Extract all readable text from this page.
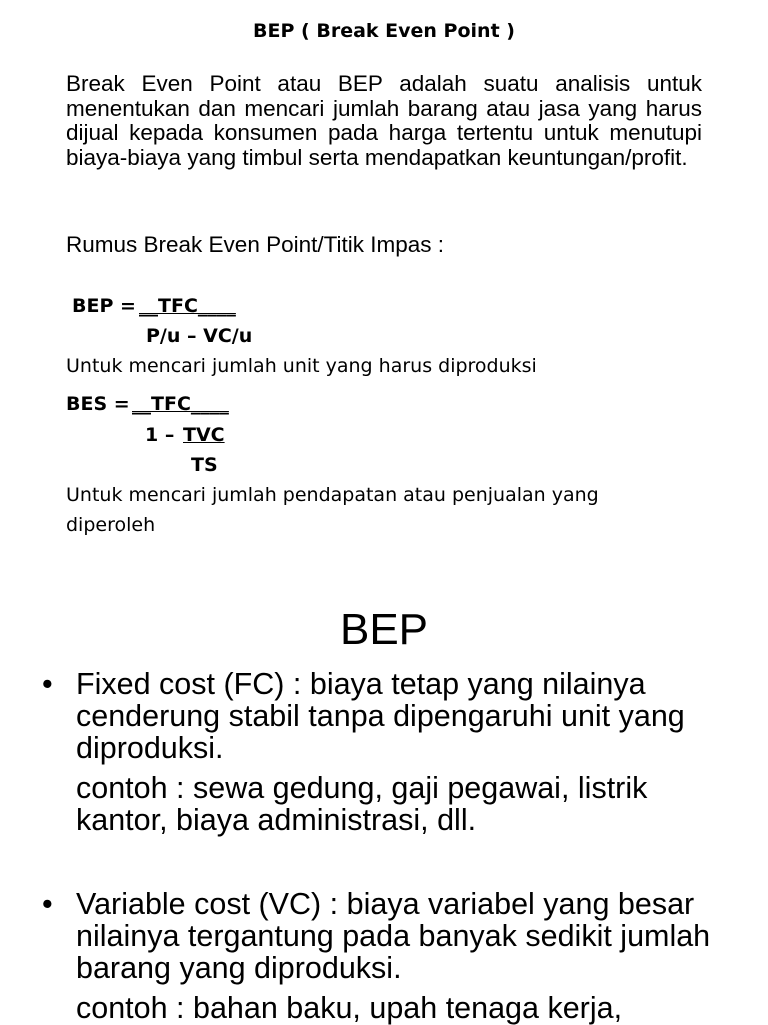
BEP ( Break Even Point )

Break Even Point atau BEP adalah suatu analisis untuk menentukan dan mencari jumlah barang atau jasa yang harus dijual kepada konsumen pada harga tertentu untuk menutupi biaya-biaya yang timbul serta mendapatkan keuntungan/profit.

Rumus Break Even Point/Titik Impas :
BEP =
__TFC____
P/u – VC/u
Untuk mencari jumlah unit yang harus diproduksi
BES =
__TFC____
1 – TVC
TS
Untuk mencari jumlah pendapatan atau penjualan yang diperoleh
BEP
• Fixed cost (FC) : biaya tetap yang nilainya cenderung stabil tanpa dipengaruhi unit yang diproduksi.
contoh : sewa gedung, gaji pegawai, listrik kantor, biaya administrasi, dll.
• Variable cost (VC) : biaya variabel yang besar nilainya tergantung pada banyak sedikit jumlah barang yang diproduksi.
contoh : bahan baku, upah tenaga kerja,
